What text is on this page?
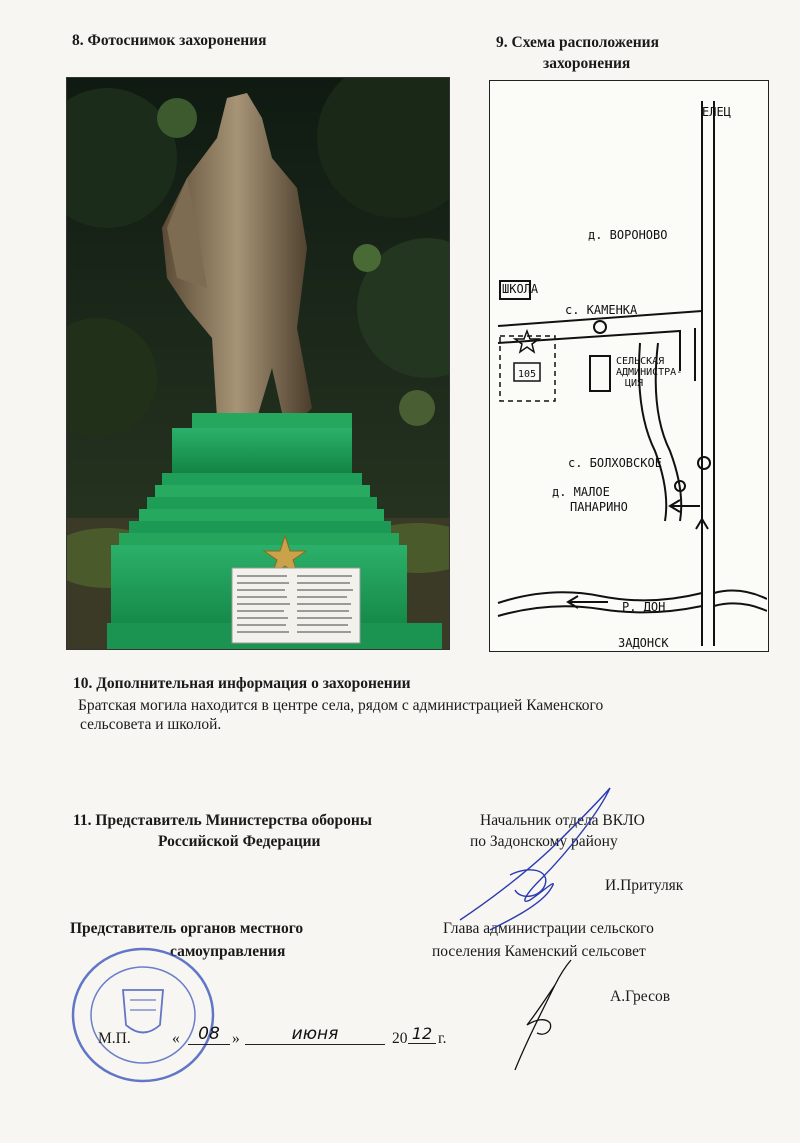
8. Фотоснимок захоронения	9. Схема расположения
захоронения
ЕЛЕЦ
д. ВОРОНОВО
ШКОЛА
с. КАМЕНКА
СЕЛЬСКАЯ
АДМИНИСТРА-
ЦИЯ
105
с. БОЛХОВСКОЕ
д. МАЛОЕ
ПАНАРИНО
Р. ДОН
ЗАДОНСК
10. Дополнительная информация о захоронении
Братская могила находится в центре села, рядом с администрацией Каменского
сельсовета и школой.
11. Представитель Министерства обороны
Российской Федерации
Начальник отдела ВКЛО
по Задонскому району
И.Притуляк
Представитель органов местного
самоуправления
Глава администрации сельского
поселения Каменский сельсовет
А.Гресов
М.П.	«	08 »	июня	20 12 г.
